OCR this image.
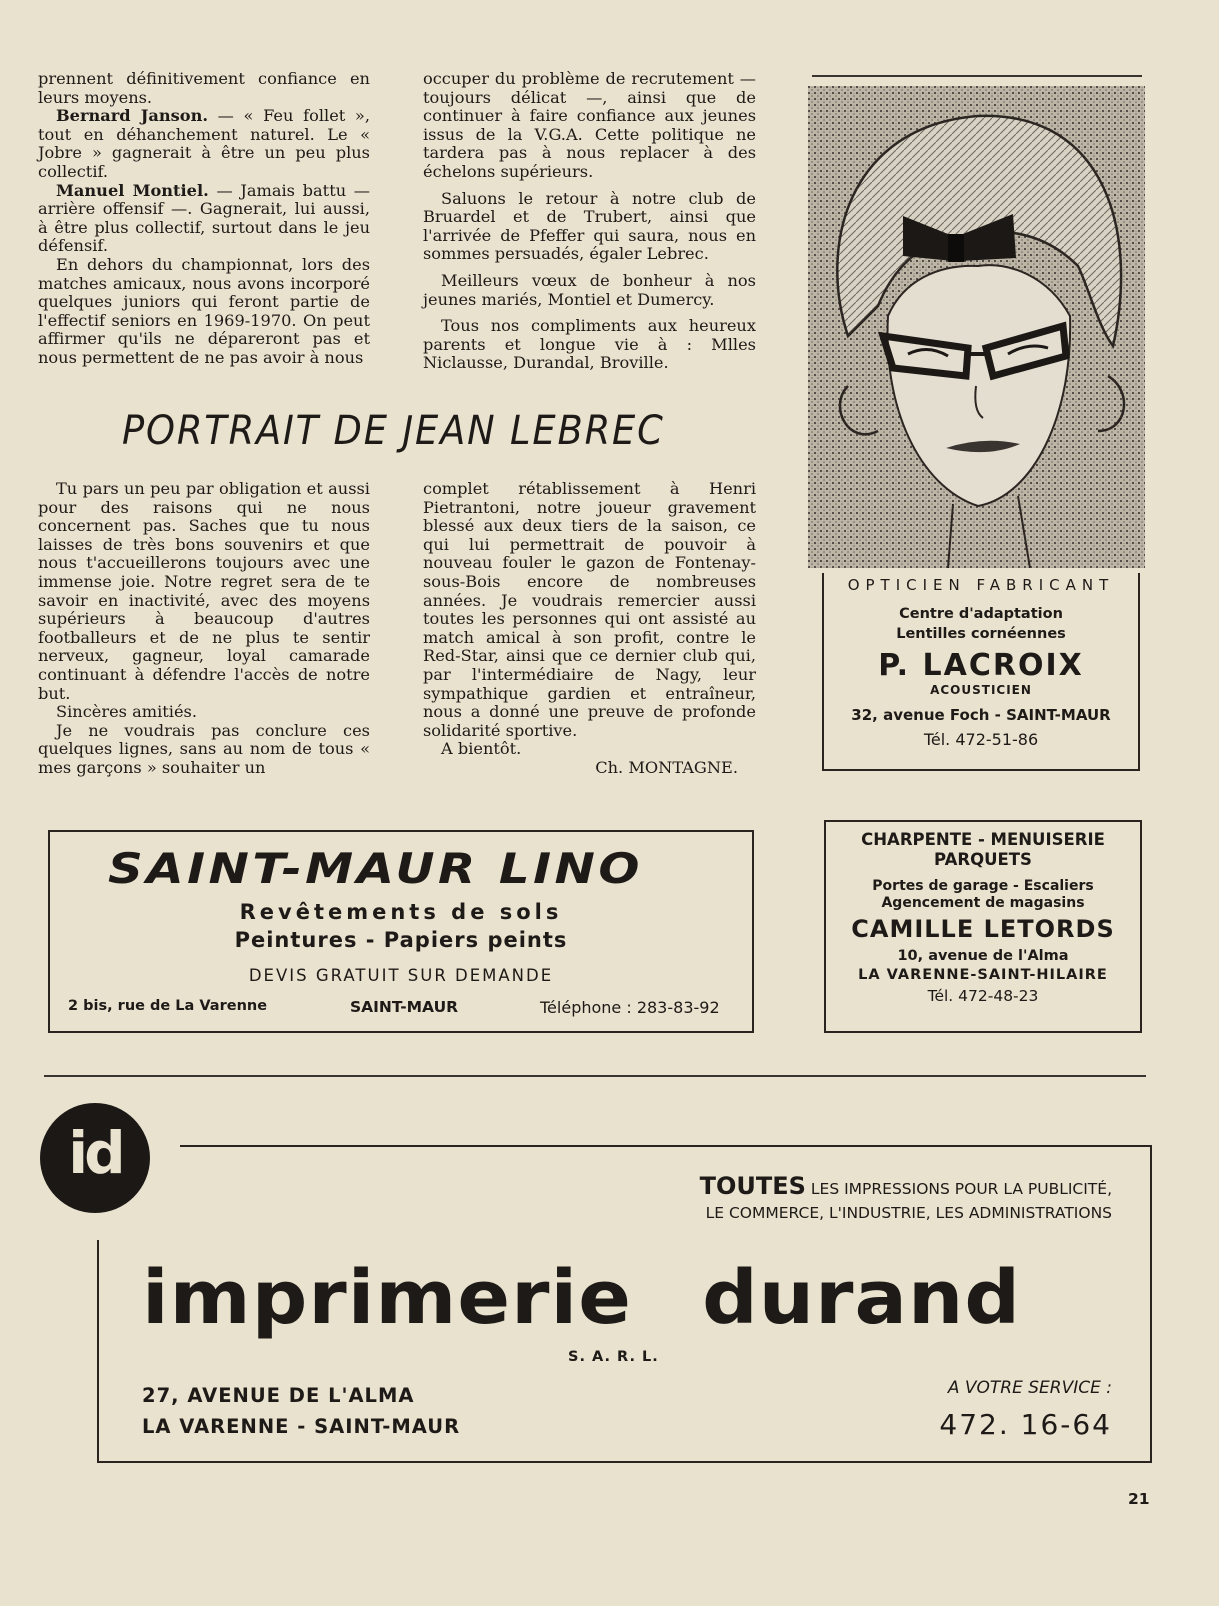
prennent définitivement confiance en leurs moyens.

Bernard Janson. — « Feu follet », tout en déhanchement naturel. Le « Jobre » gagnerait à être un peu plus collectif.

Manuel Montiel. — Jamais battu — arrière offensif —. Gagnerait, lui aussi, à être plus collectif, surtout dans le jeu défensif.

En dehors du championnat, lors des matches amicaux, nous avons incorporé quelques juniors qui feront partie de l'effectif seniors en 1969-1970. On peut affirmer qu'ils ne dépareront pas et nous permettent de ne pas avoir à nous

occuper du problème de recrutement — toujours délicat —, ainsi que de continuer à faire confiance aux jeunes issus de la V.G.A. Cette politique ne tardera pas à nous replacer à des échelons supérieurs.

Saluons le retour à notre club de Bruardel et de Trubert, ainsi que l'arrivée de Pfeffer qui saura, nous en sommes persuadés, égaler Lebrec.

Meilleurs vœux de bonheur à nos jeunes mariés, Montiel et Dumercy.

Tous nos compliments aux heureux parents et longue vie à : Mlles Niclausse, Durandal, Broville.

PORTRAIT DE JEAN LEBREC

Tu pars un peu par obligation et aussi pour des raisons qui ne nous concernent pas. Saches que tu nous laisses de très bons souvenirs et que nous t'accueillerons toujours avec une immense joie. Notre regret sera de te savoir en inactivité, avec des moyens supérieurs à beaucoup d'autres footballeurs et de ne plus te sentir nerveux, gagneur, loyal camarade continuant à défendre l'accès de notre but.

Sincères amitiés.

Je ne voudrais pas conclure ces quelques lignes, sans au nom de tous « mes garçons » souhaiter un

complet rétablissement à Henri Pietrantoni, notre joueur gravement blessé aux deux tiers de la saison, ce qui lui permettrait de pouvoir à nouveau fouler le gazon de Fontenay-sous-Bois encore de nombreuses années. Je voudrais remercier aussi toutes les personnes qui ont assisté au match amical à son profit, contre le Red-Star, ainsi que ce dernier club qui, par l'intermédiaire de Nagy, leur sympathique gardien et entraîneur, nous a donné une preuve de profonde solidarité sportive.

A bientôt.

Ch. MONTAGNE.

OPTICIEN FABRICANT
Centre d'adaptation
Lentilles cornéennes
P. LACROIX
ACOUSTICIEN
32, avenue Foch - SAINT-MAUR
Tél. 472-51-86
SAINT-MAUR LINO
Revêtements de sols
Peintures - Papiers peints
DEVIS GRATUIT SUR DEMANDE
2 bis, rue de La Varenne	SAINT-MAUR	Téléphone : 283-83-92
CHARPENTE - MENUISERIE
PARQUETS
Portes de garage - Escaliers
Agencement de magasins
CAMILLE LETORDS
10, avenue de l'Alma
LA VARENNE-SAINT-HILAIRE
Tél. 472-48-23
id	TOUTES LES IMPRESSIONS POUR LA PUBLICITÉ,
LE COMMERCE, L'INDUSTRIE, LES ADMINISTRATIONS
imprimerie durand
S. A. R. L.
27, AVENUE DE L'ALMA
LA VARENNE - SAINT-MAUR
A VOTRE SERVICE :
472. 16-64
21
